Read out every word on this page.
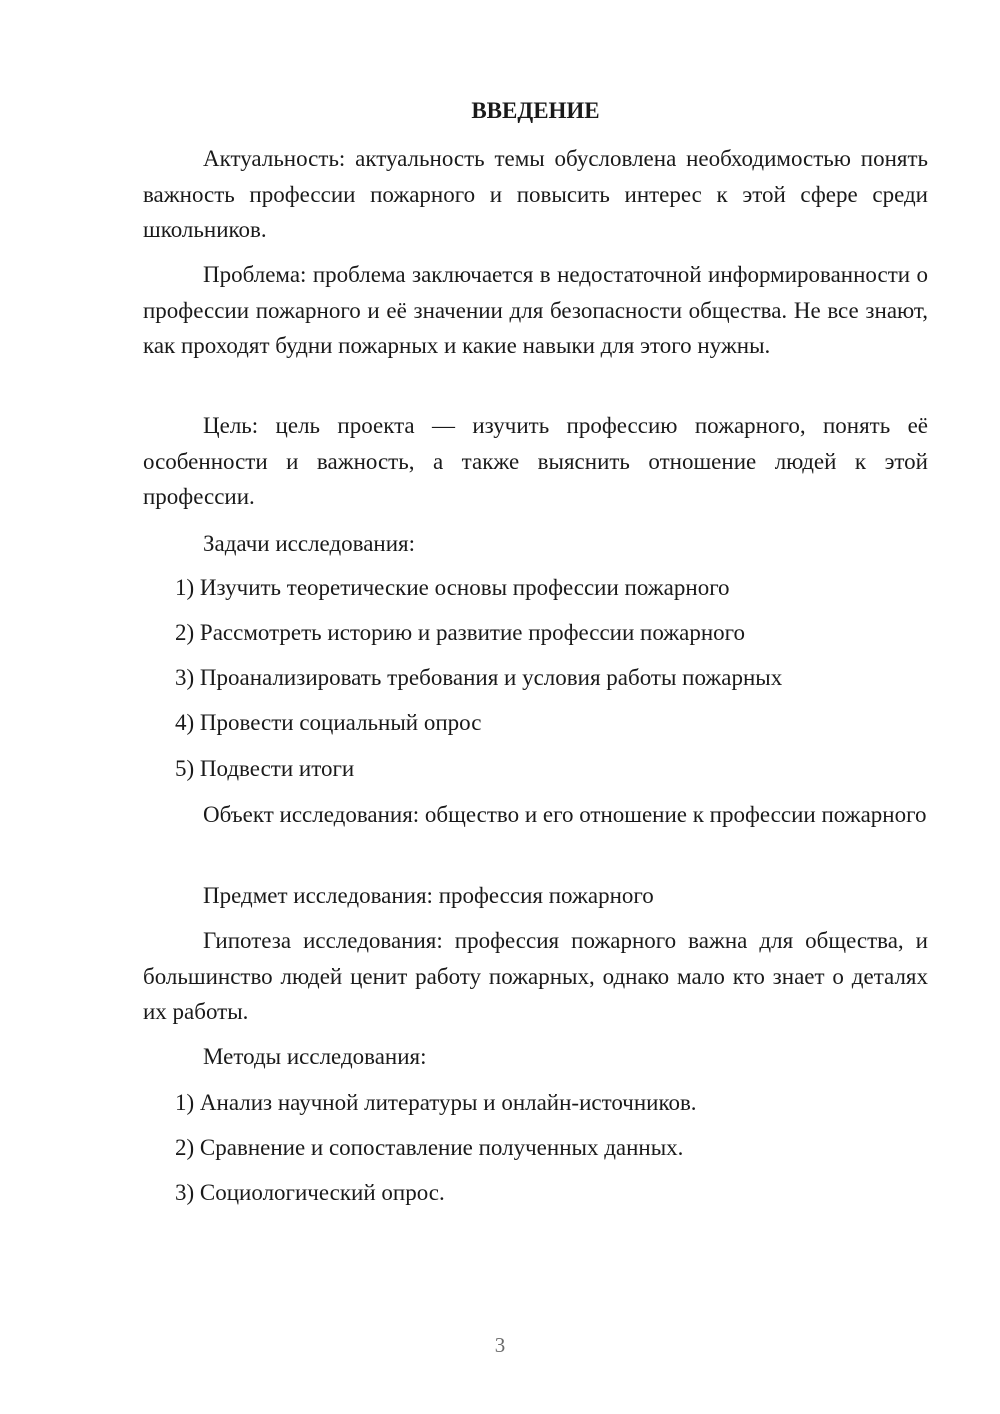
ВВЕДЕНИЕ

Актуальность: актуальность темы обусловлена необходимостью понять важность профессии пожарного и повысить интерес к этой сфере среди школьников.

Проблема: проблема заключается в недостаточной информированности о профессии пожарного и её значении для безопасности общества. Не все знают, как проходят будни пожарных и какие навыки для этого нужны.

Цель: цель проекта — изучить профессию пожарного, понять её особенности и важность, а также выяснить отношение людей к этой профессии.

Задачи исследования:
1) Изучить теоретические основы профессии пожарного
2) Рассмотреть историю и развитие профессии пожарного
3) Проанализировать требования и условия работы пожарных
4) Провести социальный опрос
5) Подвести итоги

Объект исследования: общество и его отношение к профессии пожарного

Предмет исследования: профессия пожарного

Гипотеза исследования: профессия пожарного важна для общества, и большинство людей ценит работу пожарных, однако мало кто знает о деталях их работы.

Методы исследования:
1) Анализ научной литературы и онлайн-источников.
2) Сравнение и сопоставление полученных данных.
3) Социологический опрос.
3
